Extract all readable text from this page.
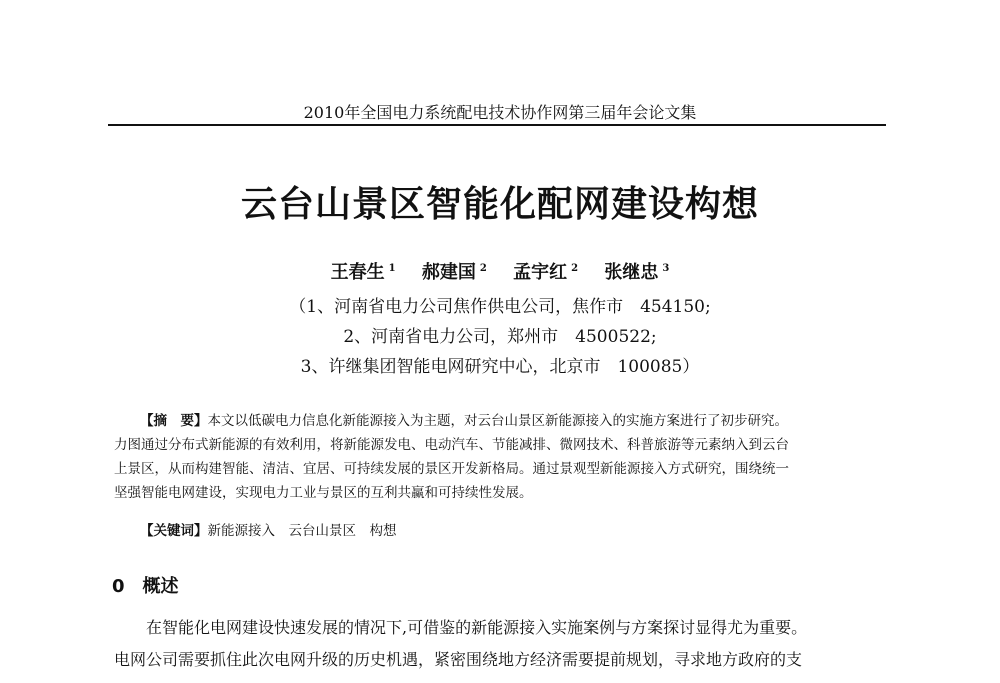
2010年全国电力系统配电技术协作网第三届年会论文集
云台山景区智能化配网建设构想
王春生 $^1$ 郝建国 $^2$ 孟宇红 $^2$ 张继忠 $^3$
（1、河南省电力公司焦作供电公司，焦作市　454150;
2、河南省电力公司，郑州市　4500522;
3、许继集团智能电网研究中心，北京市　100085）
【摘　要】本文以低碳电力信息化新能源接入为主题，对云台山景区新能源接入的实施方案进行了初步研究。
力图通过分布式新能源的有效利用，将新能源发电、电动汽车、节能减排、微网技术、科普旅游等元素纳入到云台
上景区，从而构建智能、清洁、宜居、可持续发展的景区开发新格局。通过景观型新能源接入方式研究，围绕统一
坚强智能电网建设，实现电力工业与景区的互利共赢和可持续性发展。
【关键词】新能源接入　云台山景区　构想
0　概述
在智能化电网建设快速发展的情况下,可借鉴的新能源接入实施案例与方案探讨显得尤为重要。
电网公司需要抓住此次电网升级的历史机遇，紧密围绕地方经济需要提前规划，寻求地方政府的支
